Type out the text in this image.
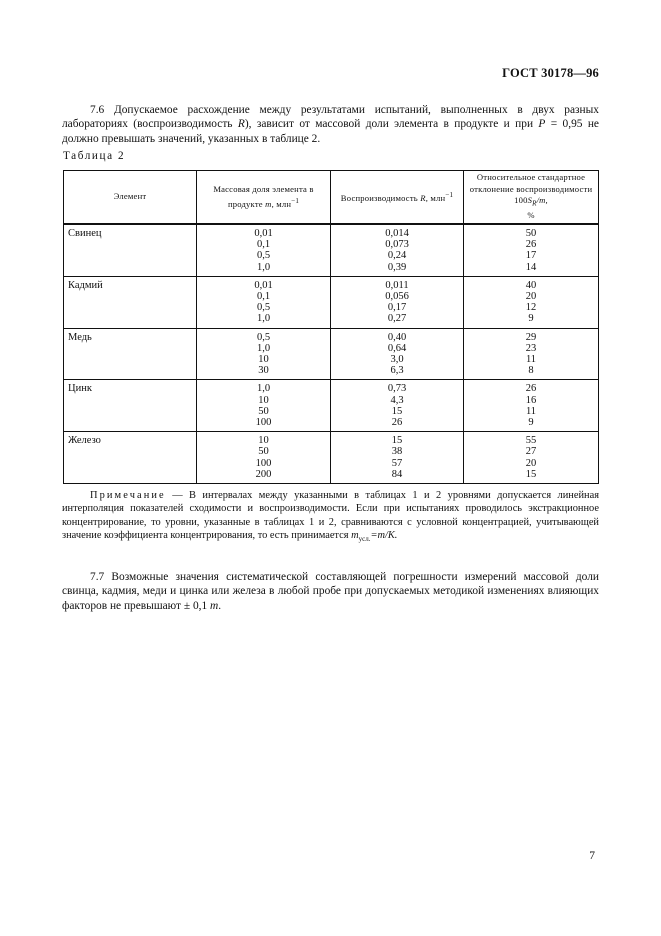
ГОСТ 30178—96

7.6 Допускаемое расхождение между результатами испытаний, выполненных в двух разных лабораториях (воспроизводимость R), зависит от массовой доли элемента в продукте и при P = 0,95 не должно превышать значений, указанных в таблице 2.

Таблица 2
Элемент	Массовая доля элемента в продукте m, млн$^{-1}$	Воспроизводимость R, млн$^{-1}$	Относительное стандартное отклонение воспроизводимости $100S_R/m$,
%
Свинец	0,01
0,1
0,5
1,0	0,014
0,073
0,24
0,39	50
26
17
14

Кадмий	0,01
0,1
0,5
1,0	0,011
0,056
0,17
0,27	40
20
12
9

Медь	0,5
1,0
10
30	0,40
0,64
3,0
6,3	29
23
11
8

Цинк	1,0
10
50
100	0,73
4,3
15
26	26
16
11
9

Железо	10
50
100
200	15
38
57
84	55
27
20
15

Примечание — В интервалах между указанными в таблицах 1 и 2 уровнями допускается линейная интерполяция показателей сходимости и воспроизводимости. Если при испытаниях проводилось экстракционное концентрирование, то уровни, указанные в таблицах 1 и 2, сравниваются с условной концентрацией, учитывающей значение коэффициента концентрирования, то есть принимается $m_{усл.}=m/K$.

7.7 Возможные значения систематической составляющей погрешности измерений массовой доли свинца, кадмия, меди и цинка или железа в любой пробе при допускаемых методикой изменениях влияющих факторов не превышают ± 0,1 m.

7
